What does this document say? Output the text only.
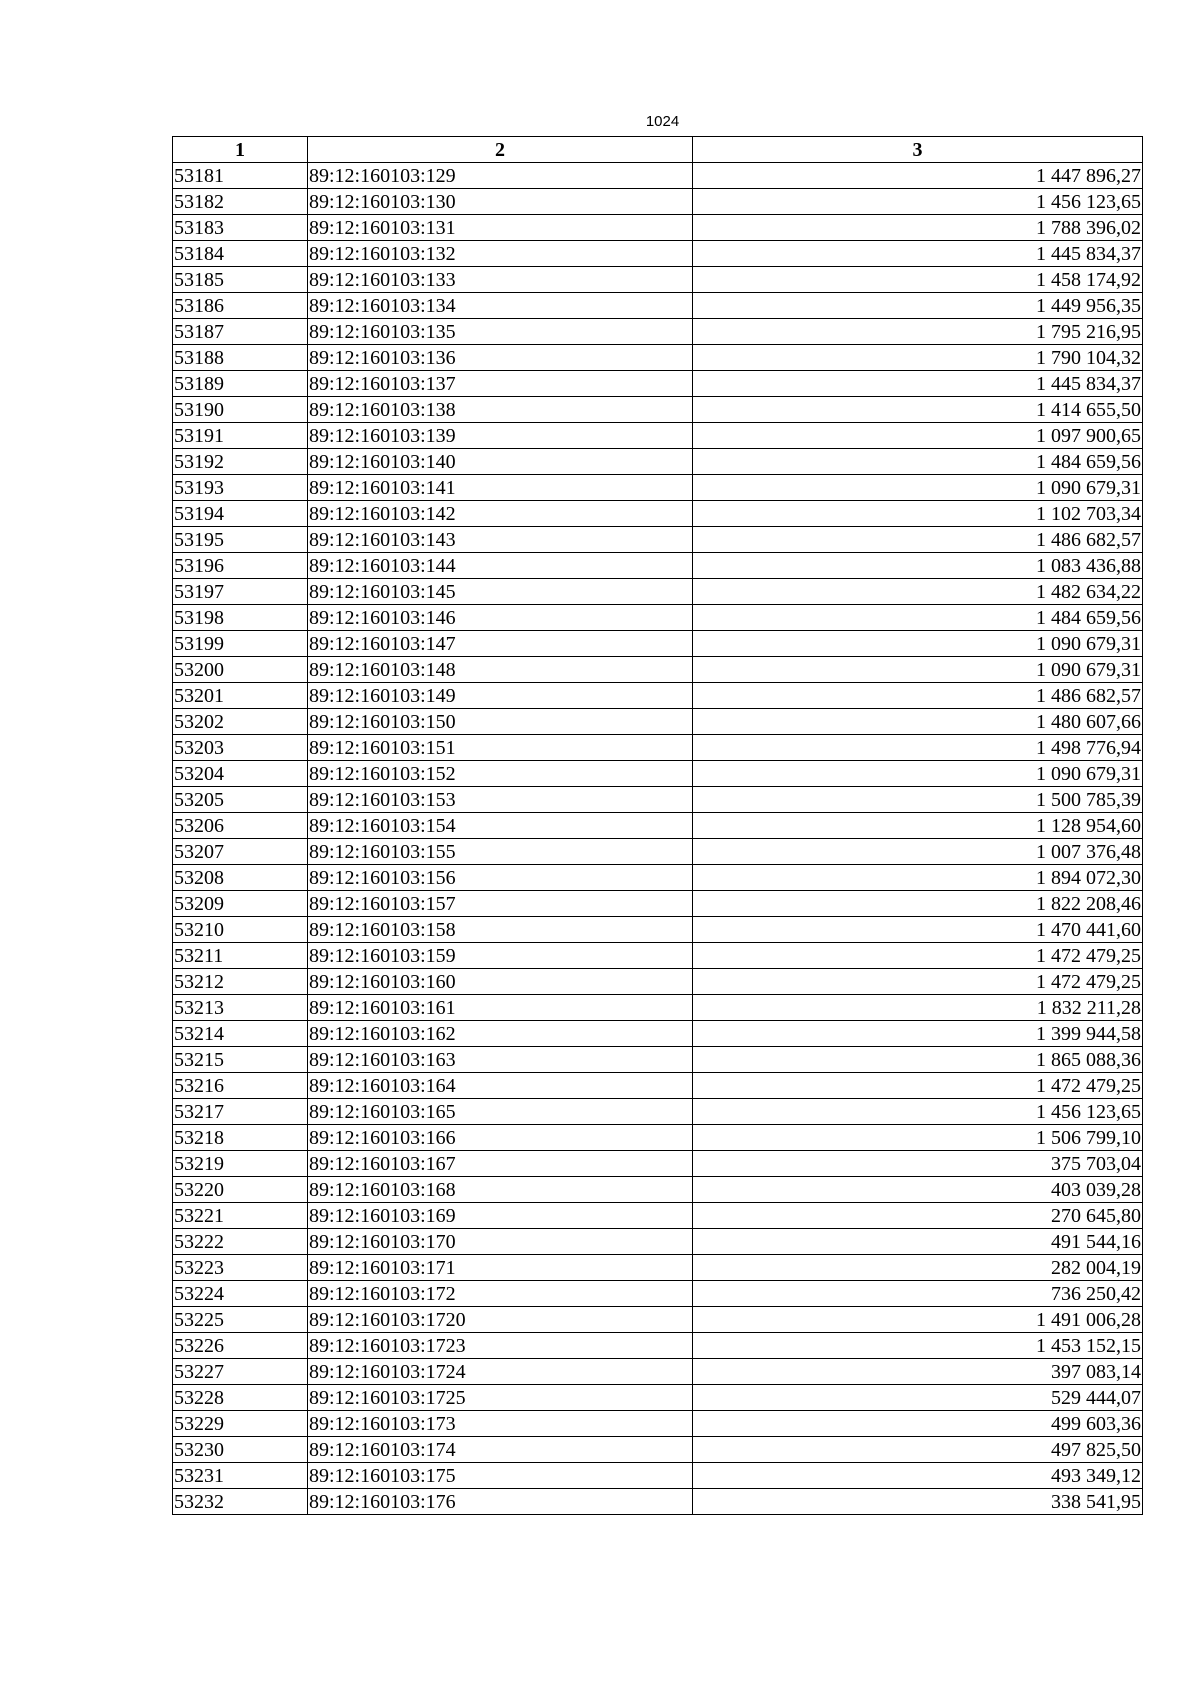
1024
1	2	3
53181	89:12:160103:129	1 447 896,27
53182	89:12:160103:130	1 456 123,65
53183	89:12:160103:131	1 788 396,02
53184	89:12:160103:132	1 445 834,37
53185	89:12:160103:133	1 458 174,92
53186	89:12:160103:134	1 449 956,35
53187	89:12:160103:135	1 795 216,95
53188	89:12:160103:136	1 790 104,32
53189	89:12:160103:137	1 445 834,37
53190	89:12:160103:138	1 414 655,50
53191	89:12:160103:139	1 097 900,65
53192	89:12:160103:140	1 484 659,56
53193	89:12:160103:141	1 090 679,31
53194	89:12:160103:142	1 102 703,34
53195	89:12:160103:143	1 486 682,57
53196	89:12:160103:144	1 083 436,88
53197	89:12:160103:145	1 482 634,22
53198	89:12:160103:146	1 484 659,56
53199	89:12:160103:147	1 090 679,31
53200	89:12:160103:148	1 090 679,31
53201	89:12:160103:149	1 486 682,57
53202	89:12:160103:150	1 480 607,66
53203	89:12:160103:151	1 498 776,94
53204	89:12:160103:152	1 090 679,31
53205	89:12:160103:153	1 500 785,39
53206	89:12:160103:154	1 128 954,60
53207	89:12:160103:155	1 007 376,48
53208	89:12:160103:156	1 894 072,30
53209	89:12:160103:157	1 822 208,46
53210	89:12:160103:158	1 470 441,60
53211	89:12:160103:159	1 472 479,25
53212	89:12:160103:160	1 472 479,25
53213	89:12:160103:161	1 832 211,28
53214	89:12:160103:162	1 399 944,58
53215	89:12:160103:163	1 865 088,36
53216	89:12:160103:164	1 472 479,25
53217	89:12:160103:165	1 456 123,65
53218	89:12:160103:166	1 506 799,10
53219	89:12:160103:167	375 703,04
53220	89:12:160103:168	403 039,28
53221	89:12:160103:169	270 645,80
53222	89:12:160103:170	491 544,16
53223	89:12:160103:171	282 004,19
53224	89:12:160103:172	736 250,42
53225	89:12:160103:1720	1 491 006,28
53226	89:12:160103:1723	1 453 152,15
53227	89:12:160103:1724	397 083,14
53228	89:12:160103:1725	529 444,07
53229	89:12:160103:173	499 603,36
53230	89:12:160103:174	497 825,50
53231	89:12:160103:175	493 349,12
53232	89:12:160103:176	338 541,95
